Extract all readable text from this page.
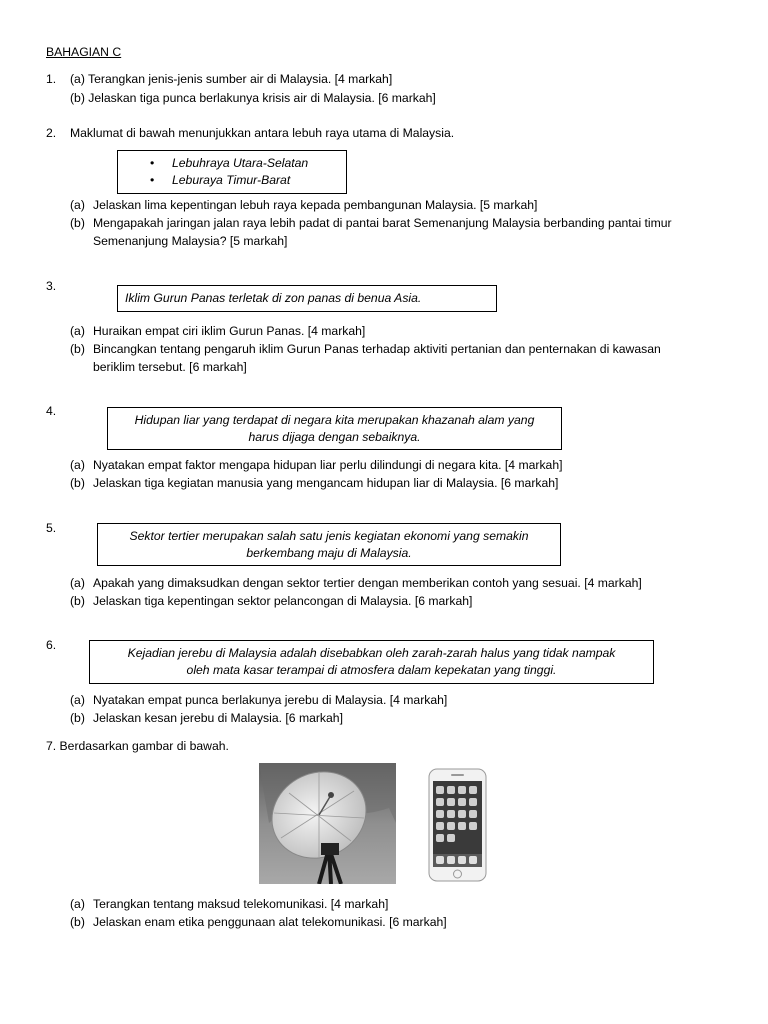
BAHAGIAN C
1. (a) Terangkan jenis-jenis sumber air di Malaysia. [4 markah]
(b) Jelaskan tiga punca berlakunya krisis air di Malaysia. [6 markah]
2. Maklumat di bawah menunjukkan antara lebuh raya utama di Malaysia.
• Lebuhraya Utara-Selatan
• Leburaya Timur-Barat
(a) Jelaskan lima kepentingan lebuh raya kepada pembangunan Malaysia. [5 markah]
(b) Mengapakah jaringan jalan raya lebih padat di pantai barat Semenanjung Malaysia berbanding pantai timur
Semenanjung Malaysia? [5 markah]
3.
Iklim Gurun Panas terletak di zon panas di benua Asia.
(a) Huraikan empat ciri iklim Gurun Panas. [4 markah]
(b) Bincangkan tentang pengaruh iklim Gurun Panas terhadap aktiviti pertanian dan penternakan di kawasan
beriklim tersebut. [6 markah]
4.
Hidupan liar yang terdapat di negara kita merupakan khazanah alam yang
harus dijaga dengan sebaiknya.
(a) Nyatakan empat faktor mengapa hidupan liar perlu dilindungi di negara kita. [4 markah]
(b) Jelaskan tiga kegiatan manusia yang mengancam hidupan liar di Malaysia. [6 markah]
5.
Sektor tertier merupakan salah satu jenis kegiatan ekonomi yang semakin
berkembang maju di Malaysia.
(a) Apakah yang dimaksudkan dengan sektor tertier dengan memberikan contoh yang sesuai. [4 markah]
(b) Jelaskan tiga kepentingan sektor pelancongan di Malaysia. [6 markah]
6.
Kejadian jerebu di Malaysia adalah disebabkan oleh zarah-zarah halus yang tidak nampak
oleh mata kasar terampai di atmosfera dalam kepekatan yang tinggi.
(a) Nyatakan empat punca berlakunya jerebu di Malaysia. [4 markah]
(b) Jelaskan kesan jerebu di Malaysia. [6 markah]
7. Berdasarkan gambar di bawah.
(a) Terangkan tentang maksud telekomunikasi. [4 markah]
(b) Jelaskan enam etika penggunaan alat telekomunikasi. [6 markah]
